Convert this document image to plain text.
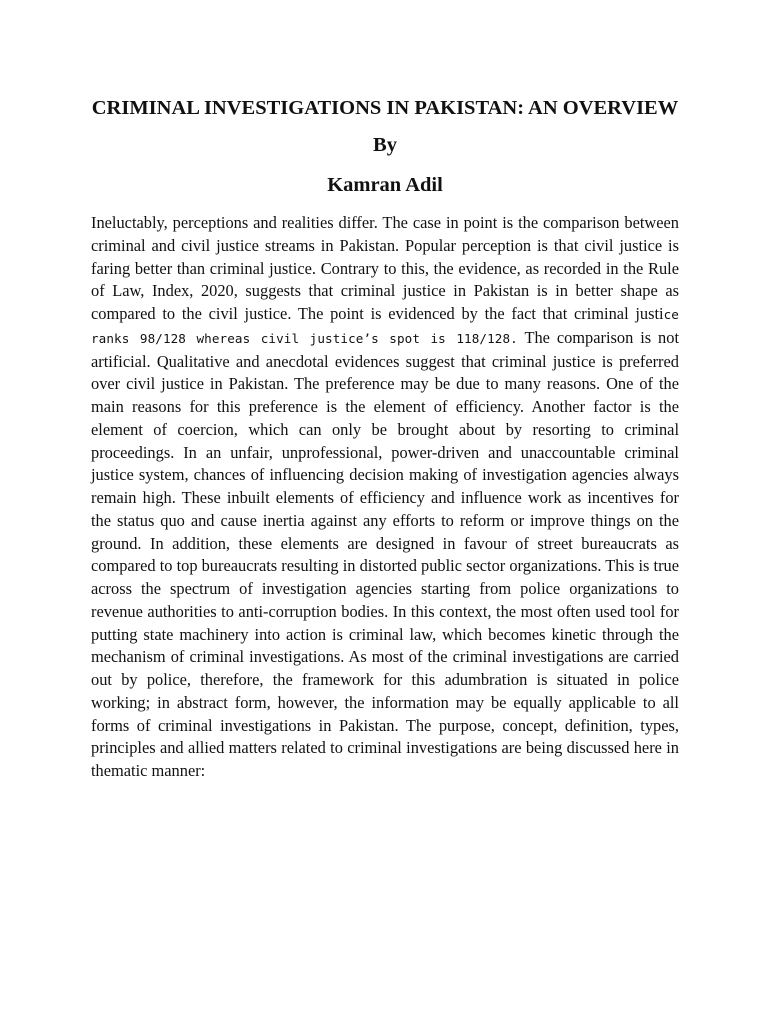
CRIMINAL INVESTIGATIONS IN PAKISTAN: AN OVERVIEW

By

Kamran Adil

Ineluctably, perceptions and realities differ. The case in point is the comparison between criminal and civil justice streams in Pakistan. Popular perception is that civil justice is faring better than criminal justice. Contrary to this, the evidence, as recorded in the Rule of Law, Index, 2020, suggests that criminal justice in Pakistan is in better shape as compared to the civil justice. The point is evidenced by the fact that criminal justice ranks 98/128 whereas civil justice’s spot is 118/128. The comparison is not artificial. Qualitative and anecdotal evidences suggest that criminal justice is preferred over civil justice in Pakistan. The preference may be due to many reasons. One of the main reasons for this preference is the element of efficiency. Another factor is the element of coercion, which can only be brought about by resorting to criminal proceedings. In an unfair, unprofessional, power-driven and unaccountable criminal justice system, chances of influencing decision making of investigation agencies always remain high. These inbuilt elements of efficiency and influence work as incentives for the status quo and cause inertia against any efforts to reform or improve things on the ground. In addition, these elements are designed in favour of street bureaucrats as compared to top bureaucrats resulting in distorted public sector organizations. This is true across the spectrum of investigation agencies starting from police organizations to revenue authorities to anti-corruption bodies. In this context, the most often used tool for putting state machinery into action is criminal law, which becomes kinetic through the mechanism of criminal investigations. As most of the criminal investigations are carried out by police, therefore, the framework for this adumbration is situated in police working; in abstract form, however, the information may be equally applicable to all forms of criminal investigations in Pakistan. The purpose, concept, definition, types, principles and allied matters related to criminal investigations are being discussed here in thematic manner:
